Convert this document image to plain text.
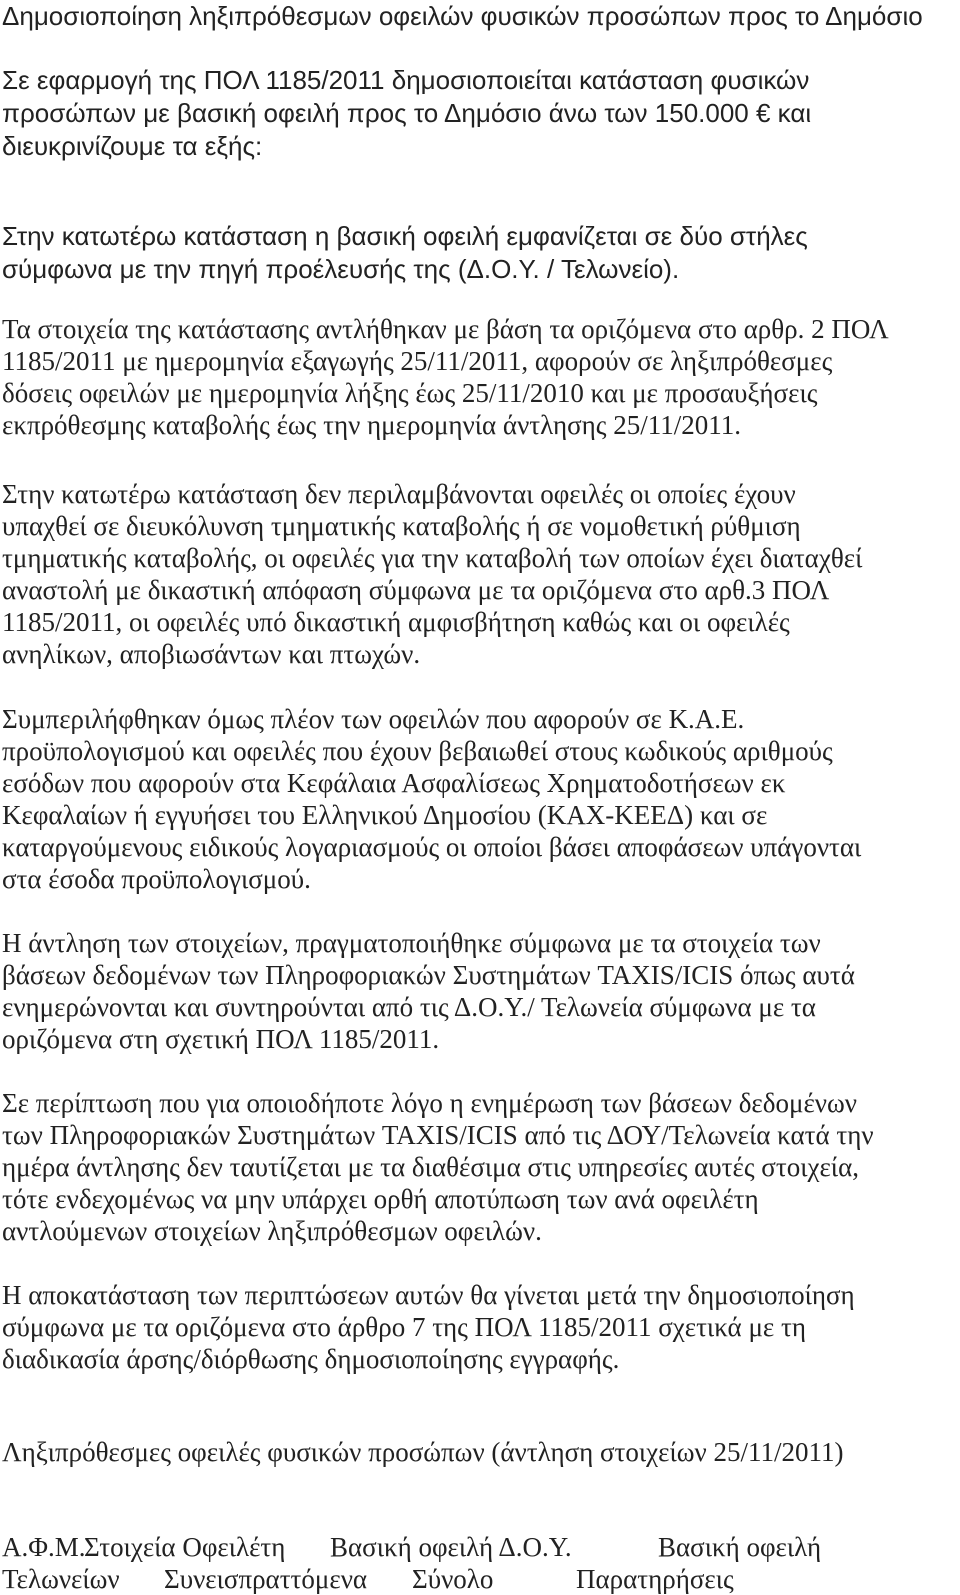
Δημοσιοποίηση ληξιπρόθεσμων οφειλών φυσικών προσώπων προς το Δημόσιο

Σε εφαρμογή της ΠΟΛ 1185/2011 δημοσιοποιείται κατάσταση φυσικών
προσώπων με βασική οφειλή προς το Δημόσιο άνω των 150.000 € και
διευκρινίζουμε τα εξής:

Στην κατωτέρω κατάσταση η βασική οφειλή εμφανίζεται σε δύο στήλες
σύμφωνα με την πηγή προέλευσής της (Δ.Ο.Υ. / Τελωνείο).

Τα στοιχεία της κατάστασης αντλήθηκαν με βάση τα οριζόμενα στο αρθρ. 2 ΠΟΛ
1185/2011 με ημερομηνία εξαγωγής 25/11/2011, αφορούν σε ληξιπρόθεσμες
δόσεις οφειλών με ημερομηνία λήξης έως 25/11/2010 και με προσαυξήσεις
εκπρόθεσμης καταβολής έως την ημερομηνία άντλησης 25/11/2011.

Στην κατωτέρω κατάσταση δεν περιλαμβάνονται οφειλές οι οποίες έχουν
υπαχθεί σε διευκόλυνση τμηματικής καταβολής ή σε νομοθετική ρύθμιση
τμηματικής καταβολής, οι οφειλές για την καταβολή των οποίων έχει διαταχθεί
αναστολή με δικαστική απόφαση σύμφωνα με τα οριζόμενα στο αρθ.3 ΠΟΛ
1185/2011, οι οφειλές υπό δικαστική αμφισβήτηση καθώς και οι οφειλές
ανηλίκων, αποβιωσάντων και πτωχών.

Συμπεριλήφθηκαν όμως πλέον των οφειλών που αφορούν σε Κ.Α.Ε.
προϋπολογισμού και οφειλές που έχουν βεβαιωθεί στους κωδικούς αριθμούς
εσόδων που αφορούν στα Κεφάλαια Ασφαλίσεως Χρηματοδοτήσεων εκ
Κεφαλαίων ή εγγυήσει του Ελληνικού Δημοσίου (ΚΑΧ-ΚΕΕΔ) και σε
καταργούμενους ειδικούς λογαριασμούς οι οποίοι βάσει αποφάσεων υπάγονται
στα έσοδα προϋπολογισμού.

Η άντληση των στοιχείων, πραγματοποιήθηκε σύμφωνα με τα στοιχεία των
βάσεων δεδομένων των Πληροφοριακών Συστημάτων TAXIS/ICIS όπως αυτά
ενημερώνονται και συντηρούνται από τις Δ.Ο.Υ./ Τελωνεία σύμφωνα με τα
οριζόμενα στη σχετική ΠΟΛ 1185/2011.

Σε περίπτωση που για οποιοδήποτε λόγο η ενημέρωση των βάσεων δεδομένων
των Πληροφοριακών Συστημάτων TAXIS/ICIS από τις ΔΟΥ/Τελωνεία κατά την
ημέρα άντλησης δεν ταυτίζεται με τα διαθέσιμα στις υπηρεσίες αυτές στοιχεία,
τότε ενδεχομένως να μην υπάρχει ορθή αποτύπωση των ανά οφειλέτη
αντλούμενων στοιχείων ληξιπρόθεσμων οφειλών.

Η αποκατάσταση των περιπτώσεων αυτών θα γίνεται μετά την δημοσιοποίηση
σύμφωνα με τα οριζόμενα στο άρθρο 7 της ΠΟΛ 1185/2011 σχετικά με τη
διαδικασία άρσης/διόρθωσης δημοσιοποίησης εγγραφής.

Ληξιπρόθεσμες οφειλές φυσικών προσώπων (άντληση στοιχείων 25/11/2011)

Α.Φ.Μ.
Στοιχεία Οφειλέτη Βασική οφειλή Δ.Ο.Υ.	Βασική οφειλή
Τελωνείων Συνεισπραττόμενα Σύνολο	Παρατηρήσεις
